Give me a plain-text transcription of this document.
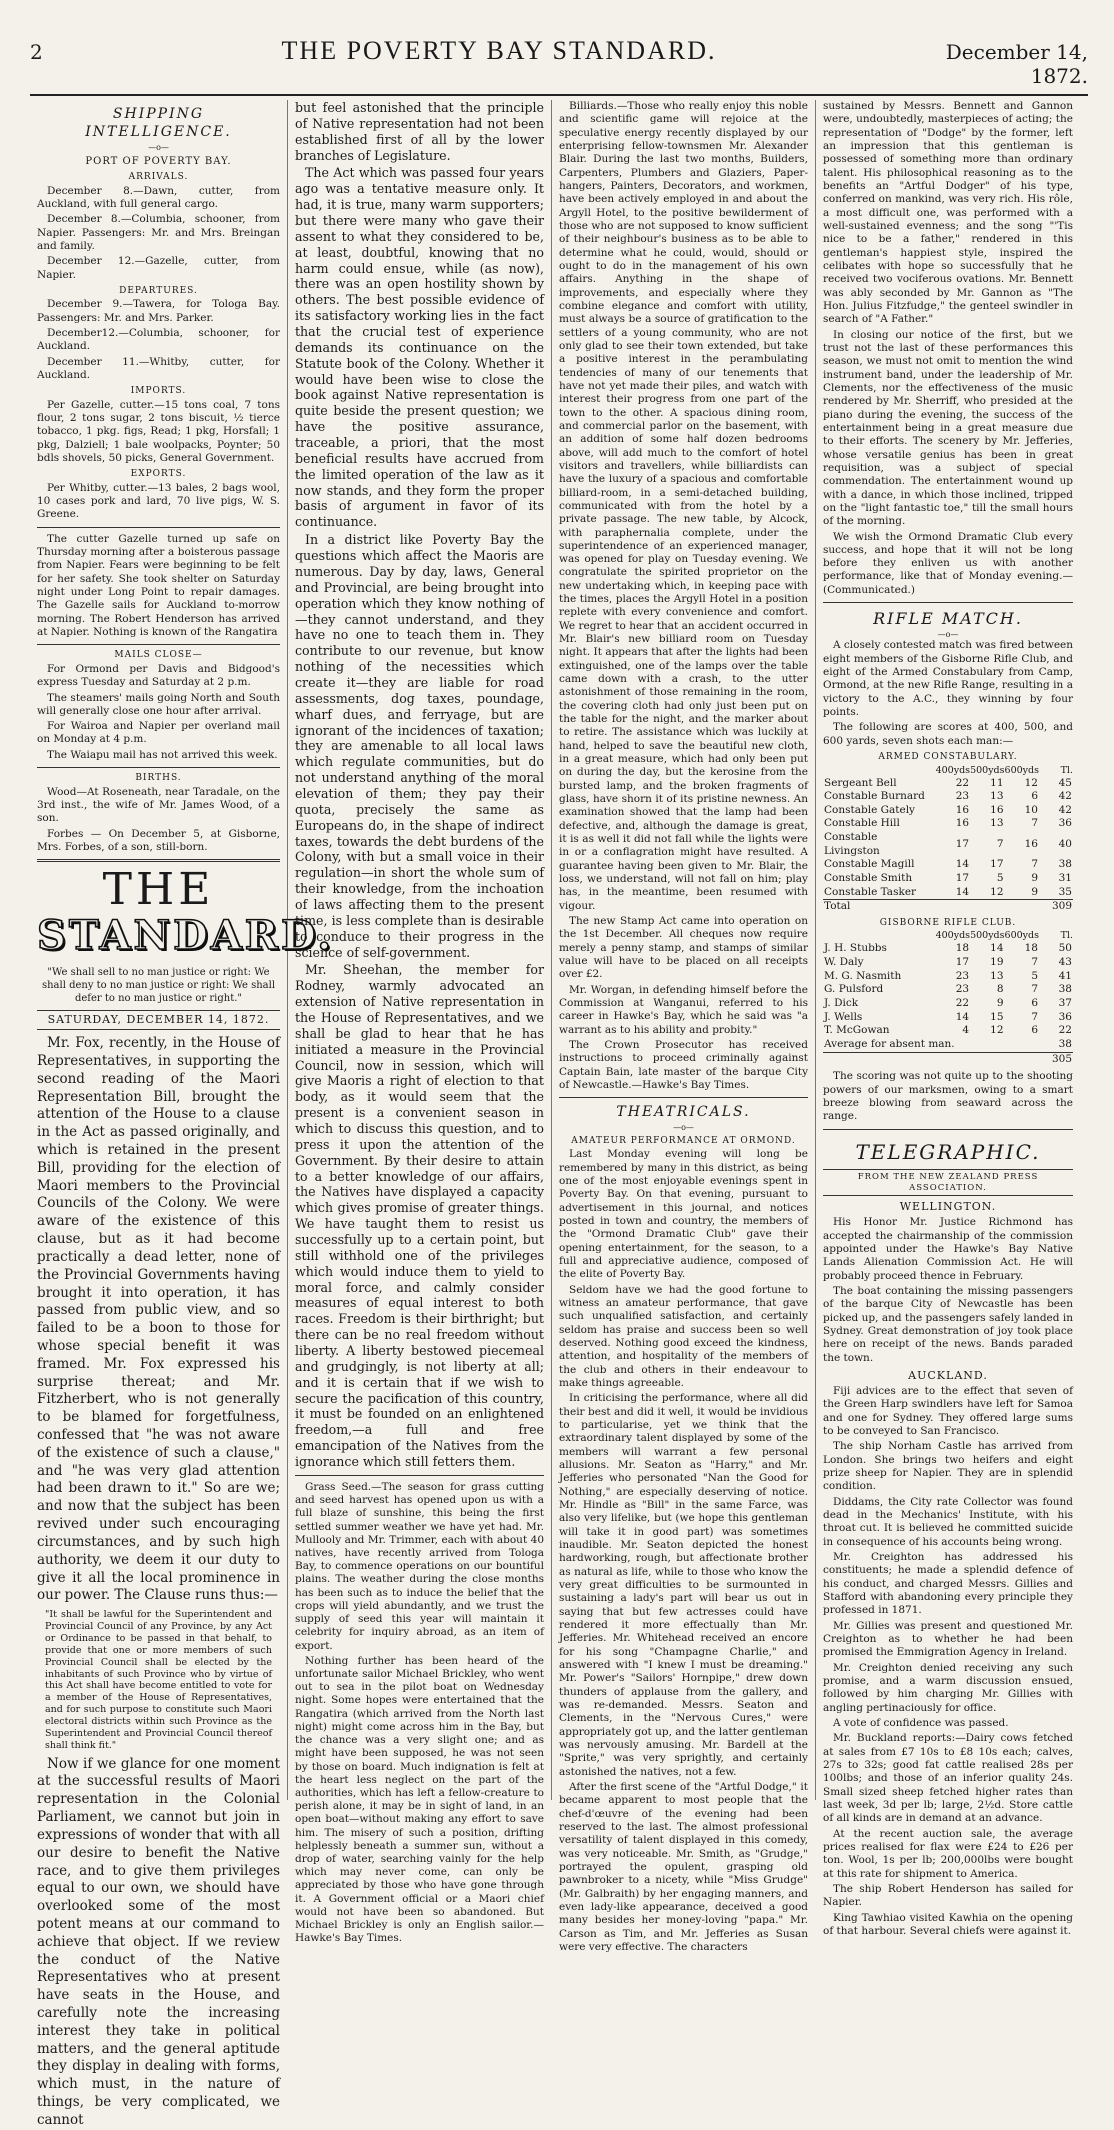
2	THE POVERTY BAY STANDARD.	December 14, 1872.
SHIPPING INTELLIGENCE.
—o—
PORT OF POVERTY BAY.
ARRIVALS.
December 8.—Dawn, cutter, from Auckland, with full general cargo.
December 8.—Columbia, schooner, from Napier. Passengers: Mr. and Mrs. Breingan and family.
December 12.—Gazelle, cutter, from Napier.
DEPARTURES.
December 9.—Tawera, for Tologa Bay. Passengers: Mr. and Mrs. Parker.
December12.—Columbia, schooner, for Auckland.
December 11.—Whitby, cutter, for Auckland.
IMPORTS.
Per Gazelle, cutter.—15 tons coal, 7 tons flour, 2 tons sugar, 2 tons biscuit, ½ tierce tobacco, 1 pkg. figs, Read; 1 pkg, Horsfall; 1 pkg, Dalziell; 1 bale woolpacks, Poynter; 50 bdls shovels, 50 picks, General Government.
EXPORTS.
Per Whitby, cutter.—13 bales, 2 bags wool, 10 cases pork and lard, 70 live pigs, W. S. Greene.
The cutter Gazelle turned up safe on Thursday morning after a boisterous passage from Napier. Fears were beginning to be felt for her safety. She took shelter on Saturday night under Long Point to repair damages. The Gazelle sails for Auckland to-morrow morning. The Robert Henderson has arrived at Napier. Nothing is known of the Rangatira
MAILS CLOSE—
For Ormond per Davis and Bidgood's express Tuesday and Saturday at 2 p.m.
The steamers' mails going North and South will generally close one hour after arrival.
For Wairoa and Napier per overland mail on Monday at 4 p.m.
The Waiapu mail has not arrived this week.
BIRTHS.
Wood—At Roseneath, near Taradale, on the 3rd inst., the wife of Mr. James Wood, of a son.
Forbes — On December 5, at Gisborne, Mrs. Forbes, of a son, still-born.
THE
STANDARD.
"We shall sell to no man justice or right: We shall deny to no man justice or right: We shall defer to no man justice or right."
SATURDAY, DECEMBER 14, 1872.
Mr. Fox, recently, in the House of Representatives, in supporting the second reading of the Maori Representation Bill, brought the attention of the House to a clause in the Act as passed originally, and which is retained in the present Bill, providing for the election of Maori members to the Provincial Councils of the Colony. We were aware of the existence of this clause, but as it had become practically a dead letter, none of the Provincial Governments having brought it into operation, it has passed from public view, and so failed to be a boon to those for whose special benefit it was framed. Mr. Fox expressed his surprise thereat; and Mr. Fitzherbert, who is not generally to be blamed for forgetfulness, confessed that "he was not aware of the existence of such a clause," and "he was very glad attention had been drawn to it." So are we; and now that the subject has been revived under such encouraging circumstances, and by such high authority, we deem it our duty to give it all the local prominence in our power. The Clause runs thus:—
"It shall be lawful for the Superintendent and Provincial Council of any Province, by any Act or Ordinance to be passed in that behalf, to provide that one or more members of such Provincial Council shall be elected by the inhabitants of such Province who by virtue of this Act shall have become entitled to vote for a member of the House of Representatives, and for such purpose to constitute such Maori electoral districts within such Province as the Superintendent and Provincial Council thereof shall think fit."
Now if we glance for one moment at the successful results of Maori representation in the Colonial Parliament, we cannot but join in expressions of wonder that with all our desire to benefit the Native race, and to give them privileges equal to our own, we should have overlooked some of the most potent means at our command to achieve that object. If we review the conduct of the Native Representatives who at present have seats in the House, and carefully note the increasing interest they take in political matters, and the general aptitude they display in dealing with forms, which must, in the nature of things, be very complicated, we cannot
but feel astonished that the principle of Native representation had not been established first of all by the lower branches of Legislature.
The Act which was passed four years ago was a tentative measure only. It had, it is true, many warm supporters; but there were many who gave their assent to what they considered to be, at least, doubtful, knowing that no harm could ensue, while (as now), there was an open hostility shown by others. The best possible evidence of its satisfactory working lies in the fact that the crucial test of experience demands its continuance on the Statute book of the Colony. Whether it would have been wise to close the book against Native representation is quite beside the present question; we have the positive assurance, traceable, a priori, that the most beneficial results have accrued from the limited operation of the law as it now stands, and they form the proper basis of argument in favor of its continuance.
In a district like Poverty Bay the questions which affect the Maoris are numerous. Day by day, laws, General and Provincial, are being brought into operation which they know nothing of—they cannot understand, and they have no one to teach them in. They contribute to our revenue, but know nothing of the necessities which create it—they are liable for road assessments, dog taxes, poundage, wharf dues, and ferryage, but are ignorant of the incidences of taxation; they are amenable to all local laws which regulate communities, but do not understand anything of the moral elevation of them; they pay their quota, precisely the same as Europeans do, in the shape of indirect taxes, towards the debt burdens of the Colony, with but a small voice in their regulation—in short the whole sum of their knowledge, from the inchoation of laws affecting them to the present time, is less complete than is desirable to conduce to their progress in the science of self-government.
Mr. Sheehan, the member for Rodney, warmly advocated an extension of Native representation in the House of Representatives, and we shall be glad to hear that he has initiated a measure in the Provincial Council, now in session, which will give Maoris a right of election to that body, as it would seem that the present is a convenient season in which to discuss this question, and to press it upon the attention of the Government. By their desire to attain to a better knowledge of our affairs, the Natives have displayed a capacity which gives promise of greater things. We have taught them to resist us successfully up to a certain point, but still withhold one of the privileges which would induce them to yield to moral force, and calmly consider measures of equal interest to both races. Freedom is their birthright; but there can be no real freedom without liberty. A liberty bestowed piecemeal and grudgingly, is not liberty at all; and it is certain that if we wish to secure the pacification of this country, it must be founded on an enlightened freedom,—a full and free emancipation of the Natives from the ignorance which still fetters them.
Grass Seed.—The season for grass cutting and seed harvest has opened upon us with a full blaze of sunshine, this being the first settled summer weather we have yet had. Mr. Mullooly and Mr. Trimmer, each with about 40 natives, have recently arrived from Tologa Bay, to commence operations on our bountiful plains. The weather during the close months has been such as to induce the belief that the crops will yield abundantly, and we trust the supply of seed this year will maintain it celebrity for inquiry abroad, as an item of export.
Nothing further has been heard of the unfortunate sailor Michael Brickley, who went out to sea in the pilot boat on Wednesday night. Some hopes were entertained that the Rangatira (which arrived from the North last night) might come across him in the Bay, but the chance was a very slight one; and as might have been supposed, he was not seen by those on board. Much indignation is felt at the heart less neglect on the part of the authorities, which has left a fellow-creature to perish alone, it may be in sight of land, in an open boat—without making any effort to save him. The misery of such a position, drifting helplessly beneath a summer sun, without a drop of water, searching vainly for the help which may never come, can only be appreciated by those who have gone through it. A Government official or a Maori chief would not have been so abandoned. But Michael Brickley is only an English sailor.—Hawke's Bay Times.
Billiards.—Those who really enjoy this noble and scientific game will rejoice at the speculative energy recently displayed by our enterprising fellow-townsmen Mr. Alexander Blair. During the last two months, Builders, Carpenters, Plumbers and Glaziers, Paper-hangers, Painters, Decorators, and workmen, have been actively employed in and about the Argyll Hotel, to the positive bewilderment of those who are not supposed to know sufficient of their neighbour's business as to be able to determine what he could, would, should or ought to do in the management of his own affairs. Anything in the shape of improvements, and especially where they combine elegance and comfort with utility, must always be a source of gratification to the settlers of a young community, who are not only glad to see their town extended, but take a positive interest in the perambulating tendencies of many of our tenements that have not yet made their piles, and watch with interest their progress from one part of the town to the other. A spacious dining room, and commercial parlor on the basement, with an addition of some half dozen bedrooms above, will add much to the comfort of hotel visitors and travellers, while billiardists can have the luxury of a spacious and comfortable billiard-room, in a semi-detached building, communicated with from the hotel by a private passage. The new table, by Alcock, with paraphernalia complete, under the superintendence of an experienced manager, was opened for play on Tuesday evening. We congratulate the spirited proprietor on the new undertaking which, in keeping pace with the times, places the Argyll Hotel in a position replete with every convenience and comfort. We regret to hear that an accident occurred in Mr. Blair's new billiard room on Tuesday night. It appears that after the lights had been extinguished, one of the lamps over the table came down with a crash, to the utter astonishment of those remaining in the room, the covering cloth had only just been put on the table for the night, and the marker about to retire. The assistance which was luckily at hand, helped to save the beautiful new cloth, in a great measure, which had only been put on during the day, but the kerosine from the bursted lamp, and the broken fragments of glass, have shorn it of its pristine newness. An examination showed that the lamp had been defective, and, although the damage is great, it is as well it did not fall while the lights were in or a conflagration might have resulted. A guarantee having been given to Mr. Blair, the loss, we understand, will not fall on him; play has, in the meantime, been resumed with vigour.
The new Stamp Act came into operation on the 1st December. All cheques now require merely a penny stamp, and stamps of similar value will have to be placed on all receipts over £2.
Mr. Worgan, in defending himself before the Commission at Wanganui, referred to his career in Hawke's Bay, which he said was "a warrant as to his ability and probity."
The Crown Prosecutor has received instructions to proceed criminally against Captain Bain, late master of the barque City of Newcastle.—Hawke's Bay Times.
THEATRICALS.
—o—
AMATEUR PERFORMANCE AT ORMOND.
Last Monday evening will long be remembered by many in this district, as being one of the most enjoyable evenings spent in Poverty Bay. On that evening, pursuant to advertisement in this journal, and notices posted in town and country, the members of the "Ormond Dramatic Club" gave their opening entertainment, for the season, to a full and appreciative audience, composed of the elite of Poverty Bay.
Seldom have we had the good fortune to witness an amateur performance, that gave such unqualified satisfaction, and certainly seldom has praise and success been so well deserved. Nothing good exceed the kindness, attention, and hospitality of the members of the club and others in their endeavour to make things agreeable.
In criticising the performance, where all did their best and did it well, it would be invidious to particularise, yet we think that the extraordinary talent displayed by some of the members will warrant a few personal allusions. Mr. Seaton as "Harry," and Mr. Jefferies who personated "Nan the Good for Nothing," are especially deserving of notice. Mr. Hindle as "Bill" in the same Farce, was also very lifelike, but (we hope this gentleman will take it in good part) was sometimes inaudible. Mr. Seaton depicted the honest hardworking, rough, but affectionate brother as natural as life, while to those who know the very great difficulties to be surmounted in sustaining a lady's part will bear us out in saying that but few actresses could have rendered it more effectually than Mr. Jefferies. Mr. Whitehead received an encore for his song "Champagne Charlie," and answered with "I knew I must be dreaming." Mr. Power's "Sailors' Hornpipe," drew down thunders of applause from the gallery, and was re-demanded. Messrs. Seaton and Clements, in the "Nervous Cures," were appropriately got up, and the latter gentleman was nervously amusing. Mr. Bardell at the "Sprite," was very sprightly, and certainly astonished the natives, not a few.
After the first scene of the "Artful Dodge," it became apparent to most people that the chef-d'œuvre of the evening had been reserved to the last. The almost professional versatility of talent displayed in this comedy, was very noticeable. Mr. Smith, as "Grudge," portrayed the opulent, grasping old pawnbroker to a nicety, while "Miss Grudge" (Mr. Galbraith) by her engaging manners, and even lady-like appearance, deceived a good many besides her money-loving "papa." Mr. Carson as Tim, and Mr. Jefferies as Susan were very effective. The characters
sustained by Messrs. Bennett and Gannon were, undoubtedly, masterpieces of acting; the representation of "Dodge" by the former, left an impression that this gentleman is possessed of something more than ordinary talent. His philosophical reasoning as to the benefits an "Artful Dodger" of his type, conferred on mankind, was very rich. His rôle, a most difficult one, was performed with a well-sustained evenness; and the song "'Tis nice to be a father," rendered in this gentleman's happiest style, inspired the celibates with hope so successfully that he received two vociferous ovations. Mr. Bennett was ably seconded by Mr. Gannon as "The Hon. Julius Fitzfudge," the genteel swindler in search of "A Father."
In closing our notice of the first, but we trust not the last of these performances this season, we must not omit to mention the wind instrument band, under the leadership of Mr. Clements, nor the effectiveness of the music rendered by Mr. Sherriff, who presided at the piano during the evening, the success of the entertainment being in a great measure due to their efforts. The scenery by Mr. Jefferies, whose versatile genius has been in great requisition, was a subject of special commendation. The entertainment wound up with a dance, in which those inclined, tripped on the "light fantastic toe," till the small hours of the morning.
We wish the Ormond Dramatic Club every success, and hope that it will not be long before they enliven us with another performance, like that of Monday evening.—(Communicated.)
RIFLE MATCH.
—o—
A closely contested match was fired between eight members of the Gisborne Rifle Club, and eight of the Armed Constabulary from Camp, Ormond, at the new Rifle Range, resulting in a victory to the A.C., they winning by four points.
The following are scores at 400, 500, and 600 yards, seven shots each man:—
ARMED CONSTABULARY.
	400yds	500yds	600yds	Tl.
Sergeant Bell	22	11	12	45
Constable Burnard	23	13	6	42
Constable Gately	16	16	10	42
Constable Hill	16	13	7	36
Constable Livingston	17	7	16	40
Constable Magill	14	17	7	38
Constable Smith	17	5	9	31
Constable Tasker	14	12	9	35
Total				309
GISBORNE RIFLE CLUB.
	400yds	500yds	600yds	Tl.
J. H. Stubbs	18	14	18	50
W. Daly	17	19	7	43
M. G. Nasmith	23	13	5	41
G. Pulsford	23	8	7	38
J. Dick	22	9	6	37
J. Wells	14	15	7	36
T. McGowan	4	12	6	22
Average for absent man.				38
				305
The scoring was not quite up to the shooting powers of our marksmen, owing to a smart breeze blowing from seaward across the range.
TELEGRAPHIC.
FROM THE NEW ZEALAND PRESS ASSOCIATION.
WELLINGTON.
His Honor Mr. Justice Richmond has accepted the chairmanship of the commission appointed under the Hawke's Bay Native Lands Alienation Commission Act. He will probably proceed thence in February.
The boat containing the missing passengers of the barque City of Newcastle has been picked up, and the passengers safely landed in Sydney. Great demonstration of joy took place here on receipt of the news. Bands paraded the town.
AUCKLAND.
Fiji advices are to the effect that seven of the Green Harp swindlers have left for Samoa and one for Sydney. They offered large sums to be conveyed to San Francisco.
The ship Norham Castle has arrived from London. She brings two heifers and eight prize sheep for Napier. They are in splendid condition.
Diddams, the City rate Collector was found dead in the Mechanics' Institute, with his throat cut. It is believed he committed suicide in consequence of his accounts being wrong.
Mr. Creighton has addressed his constituents; he made a splendid defence of his conduct, and charged Messrs. Gillies and Stafford with abandoning every principle they professed in 1871.
Mr. Gillies was present and questioned Mr. Creighton as to whether he had been promised the Emmigration Agency in Ireland.
Mr. Creighton denied receiving any such promise, and a warm discussion ensued, followed by him charging Mr. Gillies with angling pertinaciously for office.
A vote of confidence was passed.
Mr. Buckland reports:—Dairy cows fetched at sales from £7 10s to £8 10s each; calves, 27s to 32s; good fat cattle realised 28s per 100lbs; and those of an inferior quality 24s. Small sized sheep fetched higher rates than last week, 3d per lb; large, 2½d. Store cattle of all kinds are in demand at an advance.
At the recent auction sale, the average prices realised for flax were £24 to £26 per ton. Wool, 1s per lb; 200,000lbs were bought at this rate for shipment to America.
The ship Robert Henderson has sailed for Napier.
King Tawhiao visited Kawhia on the opening of that harbour. Several chiefs were against it.
